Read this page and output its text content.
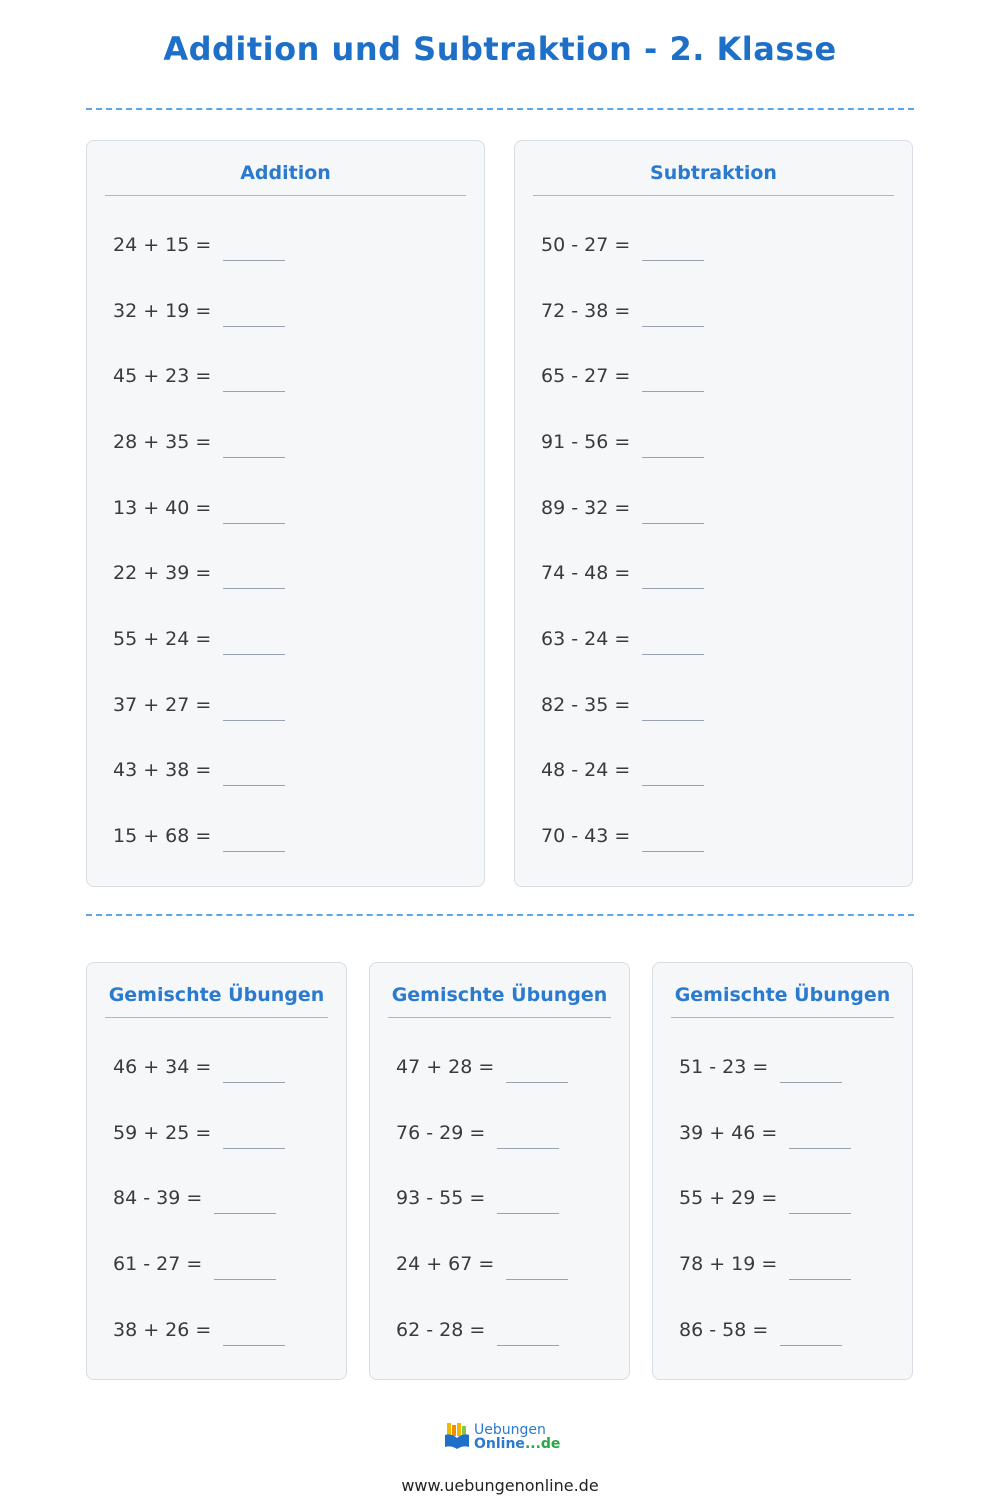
Addition und Subtraktion - 2. Klasse
Addition
24 + 15 =
32 + 19 =
45 + 23 =
28 + 35 =
13 + 40 =
22 + 39 =
55 + 24 =
37 + 27 =
43 + 38 =
15 + 68 =
Subtraktion
50 - 27 =
72 - 38 =
65 - 27 =
91 - 56 =
89 - 32 =
74 - 48 =
63 - 24 =
82 - 35 =
48 - 24 =
70 - 43 =
Gemischte Übungen
46 + 34 =
59 + 25 =
84 - 39 =
61 - 27 =
38 + 26 =
Gemischte Übungen
47 + 28 =
76 - 29 =
93 - 55 =
24 + 67 =
62 - 28 =
Gemischte Übungen
51 - 23 =
39 + 46 =
55 + 29 =
78 + 19 =
86 - 58 =
Uebungen
Online...de
www.uebungenonline.de
